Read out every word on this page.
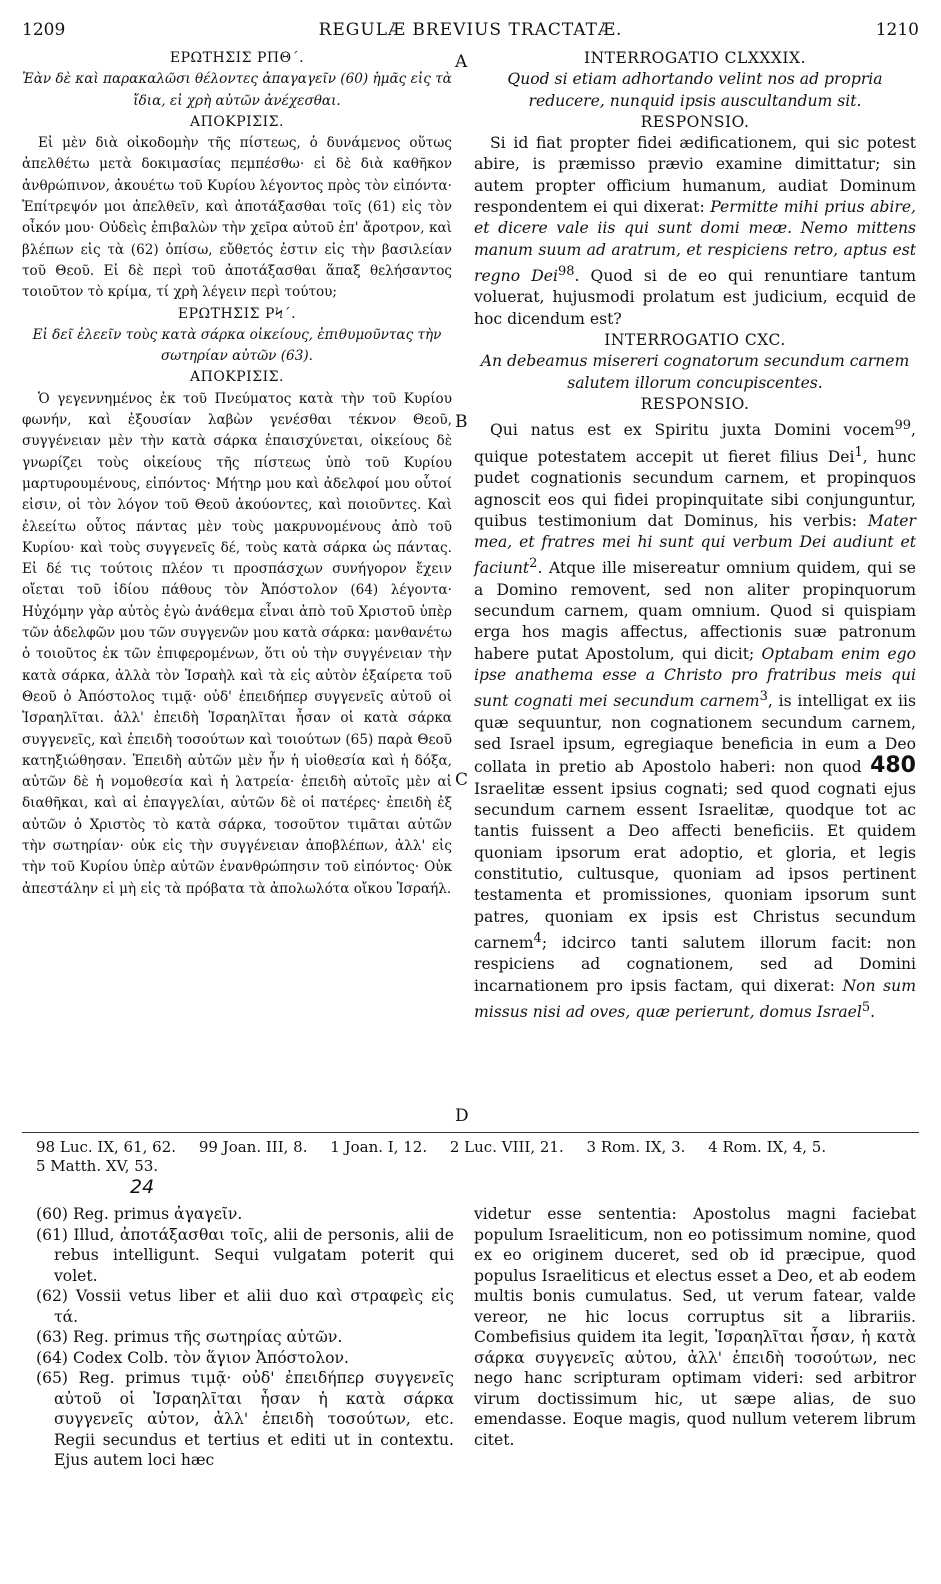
1209	REGULÆ BREVIUS TRACTATÆ.	1210
A
B
C
D

ΕΡΩΤΗΣΙΣ ΡΠΘ΄.

Ἐὰν δὲ καὶ παρακαλῶσι θέλοντες ἀπαγαγεῖν (60) ἡμᾶς εἰς τὰ ἴδια, εἰ χρὴ αὐτῶν ἀνέχεσθαι.

ΑΠΟΚΡΙΣΙΣ.

Εἰ μὲν διὰ οἰκοδομὴν τῆς πίστεως, ὁ δυνάμενος οὕτως ἀπελθέτω μετὰ δοκιμασίας πεμπέσθω· εἰ δὲ διὰ καθῆκον ἀνθρώπινον, ἀκουέτω τοῦ Κυρίου λέγοντος πρὸς τὸν εἰπόντα· Ἐπίτρεψόν μοι ἀπελθεῖν, καὶ ἀποτάξασθαι τοῖς (61) εἰς τὸν οἶκόν μου· Οὐδεὶς ἐπιβαλὼν τὴν χεῖρα αὐτοῦ ἐπ' ἄροτρον, καὶ βλέπων εἰς τὰ (62) ὀπίσω, εὔθετός ἐστιν εἰς τὴν βασιλείαν τοῦ Θεοῦ. Εἰ δὲ περὶ τοῦ ἀποτάξασθαι ἅπαξ θελήσαντος τοιοῦτον τὸ κρίμα, τί χρὴ λέγειν περὶ τούτου;

ΕΡΩΤΗΣΙΣ ΡϞ΄.

Εἰ δεῖ ἐλεεῖν τοὺς κατὰ σάρκα οἰκείους, ἐπιθυμοῦντας τὴν σωτηρίαν αὐτῶν (63).

ΑΠΟΚΡΙΣΙΣ.

Ὁ γεγεννημένος ἐκ τοῦ Πνεύματος κατὰ τὴν τοῦ Κυρίου φωνήν, καὶ ἐξουσίαν λαβὼν γενέσθαι τέκνον Θεοῦ, συγγένειαν μὲν τὴν κατὰ σάρκα ἐπαισχύνεται, οἰκείους δὲ γνωρίζει τοὺς οἰκείους τῆς πίστεως ὑπὸ τοῦ Κυρίου μαρτυρουμένους, εἰπόντος· Μήτηρ μου καὶ ἀδελφοί μου οὗτοί εἰσιν, οἱ τὸν λόγον τοῦ Θεοῦ ἀκούοντες, καὶ ποιοῦντες. Καὶ ἐλεείτω οὗτος πάντας μὲν τοὺς μακρυνομένους ἀπὸ τοῦ Κυρίου· καὶ τοὺς συγγενεῖς δέ, τοὺς κατὰ σάρκα ὡς πάντας. Εἰ δέ τις τούτοις πλέον τι προσπάσχων συνήγορον ἔχειν οἴεται τοῦ ἰδίου πάθους τὸν Ἀπόστολον (64) λέγοντα· Ηὐχόμην γὰρ αὐτὸς ἐγὼ ἀνάθεμα εἶναι ἀπὸ τοῦ Χριστοῦ ὑπὲρ τῶν ἀδελφῶν μου τῶν συγγενῶν μου κατὰ σάρκα: μανθανέτω ὁ τοιοῦτος ἐκ τῶν ἐπιφερομένων, ὅτι οὐ τὴν συγγένειαν τὴν κατὰ σάρκα, ἀλλὰ τὸν Ἰσραὴλ καὶ τὰ εἰς αὐτὸν ἐξαίρετα τοῦ Θεοῦ ὁ Ἀπόστολος τιμᾷ· οὐδ' ἐπειδήπερ συγγενεῖς αὐτοῦ οἱ Ἰσραηλῖται. ἀλλ' ἐπειδὴ Ἰσραηλῖται ἦσαν οἱ κατὰ σάρκα συγγενεῖς, καὶ ἐπειδὴ τοσούτων καὶ τοιούτων (65) παρὰ Θεοῦ κατηξιώθησαν. Ἐπειδὴ αὐτῶν μὲν ἦν ἡ υἱοθεσία καὶ ἡ δόξα, αὐτῶν δὲ ἡ νομοθεσία καὶ ἡ λατρεία· ἐπειδὴ αὐτοῖς μὲν αἱ διαθῆκαι, καὶ αἱ ἐπαγγελίαι, αὐτῶν δὲ οἱ πατέρες· ἐπειδὴ ἐξ αὐτῶν ὁ Χριστὸς τὸ κατὰ σάρκα, τοσοῦτον τιμᾶται αὐτῶν τὴν σωτηρίαν· οὐκ εἰς τὴν συγγένειαν ἀποβλέπων, ἀλλ' εἰς τὴν τοῦ Κυρίου ὑπὲρ αὐτῶν ἐνανθρώπησιν τοῦ εἰπόντος· Οὐκ ἀπεστάλην εἰ μὴ εἰς τὰ πρόβατα τὰ ἀπολωλότα οἴκου Ἰσραήλ.

INTERROGATIO CLXXXIX.

Quod si etiam adhortando velint nos ad propria reducere, nunquid ipsis auscultandum sit.

RESPONSIO.

Si id fiat propter fidei ædificationem, qui sic potest abire, is præmisso prævio examine dimittatur; sin autem propter officium humanum, audiat Dominum respondentem ei qui dixerat: Permitte mihi prius abire, et dicere vale iis qui sunt domi meæ. Nemo mittens manum suum ad aratrum, et respiciens retro, aptus est regno Dei$^{98}$. Quod si de eo qui renuntiare tantum voluerat, hujusmodi prolatum est judicium, ecquid de hoc dicendum est?

INTERROGATIO CXC.

An debeamus misereri cognatorum secundum carnem salutem illorum concupiscentes.

RESPONSIO.

Qui natus est ex Spiritu juxta Domini vocem$^{99}$, quique potestatem accepit ut fieret filius Dei$^1$, hunc pudet cognationis secundum carnem, et propinquos agnoscit eos qui fidei propinquitate sibi conjunguntur, quibus testimonium dat Dominus, his verbis: Mater mea, et fratres mei hi sunt qui verbum Dei audiunt et faciunt$^2$. Atque ille misereatur omnium quidem, qui se a Domino removent, sed non aliter propinquorum secundum carnem, quam omnium. Quod si quispiam erga hos magis affectus, affectionis suæ patronum habere putat Apostolum, qui dicit; Optabam enim ego ipse anathema esse a Christo pro fratribus meis qui sunt cognati mei secundum carnem$^3$, is intelligat ex iis quæ sequuntur, non cognationem secundum carnem, sed Israel ipsum, egregiaque beneficia in eum a Deo collata in pretio ab Apostolo haberi: non quod 480 Israelitæ essent ipsius cognati; sed quod cognati ejus secundum carnem essent Israelitæ, quodque tot ac tantis fuissent a Deo affecti beneficiis. Et quidem quoniam ipsorum erat adoptio, et gloria, et legis constitutio, cultusque, quoniam ad ipsos pertinent testamenta et promissiones, quoniam ipsorum sunt patres, quoniam ex ipsis est Christus secundum carnem$^4$; idcirco tanti salutem illorum facit: non respiciens ad cognationem, sed ad Domini incarnationem pro ipsis factam, qui dixerat: Non sum missus nisi ad oves, quæ perierunt, domus Israel$^5$.

98 Luc. IX, 61, 62. 99 Joan. III, 8. 1 Joan. I, 12. 2 Luc. VIII, 21. 3 Rom. IX, 3. 4 Rom. IX, 4, 5.
5 Matth. XV, 53.
24

(60) Reg. primus ἀγαγεῖν.

(61) Illud, ἀποτάξασθαι τοῖς, alii de personis, alii de rebus intelligunt. Sequi vulgatam poterit qui volet.

(62) Vossii vetus liber et alii duo καὶ στραφεὶς εἰς τά.

(63) Reg. primus τῆς σωτηρίας αὐτῶν.

(64) Codex Colb. τὸν ἅγιον Ἀπόστολον.

(65) Reg. primus τιμᾷ· οὐδ' ἐπειδήπερ συγγενεῖς αὐτοῦ οἱ Ἰσραηλῖται ἦσαν ἡ κατὰ σάρκα συγγενεῖς αὐτον, ἀλλ' ἐπειδὴ τοσούτων, etc. Regii secundus et tertius et editi ut in contextu. Ejus autem loci hæc

videtur esse sententia: Apostolus magni faciebat populum Israeliticum, non eo potissimum nomine, quod ex eo originem duceret, sed ob id præcipue, quod populus Israeliticus et electus esset a Deo, et ab eodem multis bonis cumulatus. Sed, ut verum fatear, valde vereor, ne hic locus corruptus sit a librariis. Combefisius quidem ita legit, Ἰσραηλῖται ἦσαν, ἡ κατὰ σάρκα συγγενεῖς αὐτου, ἀλλ' ἐπειδὴ τοσούτων, nec nego hanc scripturam optimam videri: sed arbitror virum doctissimum hic, ut sæpe alias, de suo emendasse. Eoque magis, quod nullum veterem librum citet.
